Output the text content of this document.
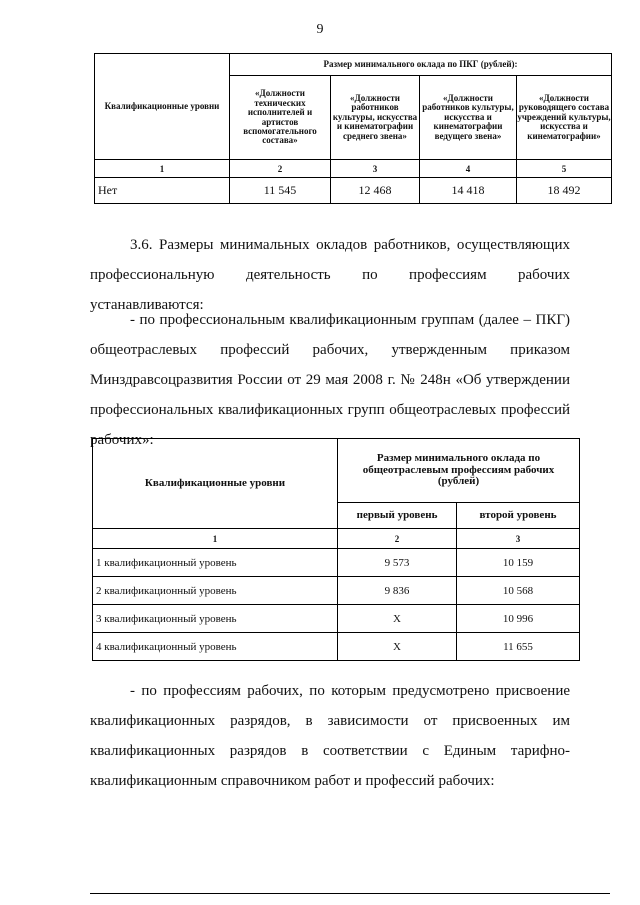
9
Квалификационные уровни	Размер минимального оклада по ПКГ (рублей):			
	«Должности технических исполнителей и артистов вспомогательного состава»	«Должности работников культуры, искусства и кинематографии среднего звена»	«Должности работников культуры, искусства и кинематографии ведущего звена»	«Должности руководящего состава учреждений культуры, искусства и кинематографии»
1	2	3	4	5
Нет	11 545	12 468	14 418	18 492

3.6. Размеры минимальных окладов работников, осуществляющих
профессиональную деятельность по профессиям рабочих
устанавливаются:

- по профессиональным квалификационным группам (далее – ПКГ)
общеотраслевых профессий рабочих, утвержденным приказом
Минздравсоцразвития России от 29 мая 2008 г. № 248н «Об утверждении
профессиональных квалификационных групп общеотраслевых профессий
рабочих»:

Квалификационные уровни	Размер минимального оклада по общеотраслевым профессиям рабочих (рублей)	
	первый уровень	второй уровень
1	2	3
1 квалификационный уровень	9 573	10 159
2 квалификационный уровень	9 836	10 568
3 квалификационный уровень	Х	10 996
4 квалификационный уровень	Х	11 655

- по профессиям рабочих, по которым предусмотрено присвоение
квалификационных разрядов, в зависимости от присвоенных им
квалификационных разрядов в соответствии с Единым тарифно-
квалификационным справочником работ и профессий рабочих:
